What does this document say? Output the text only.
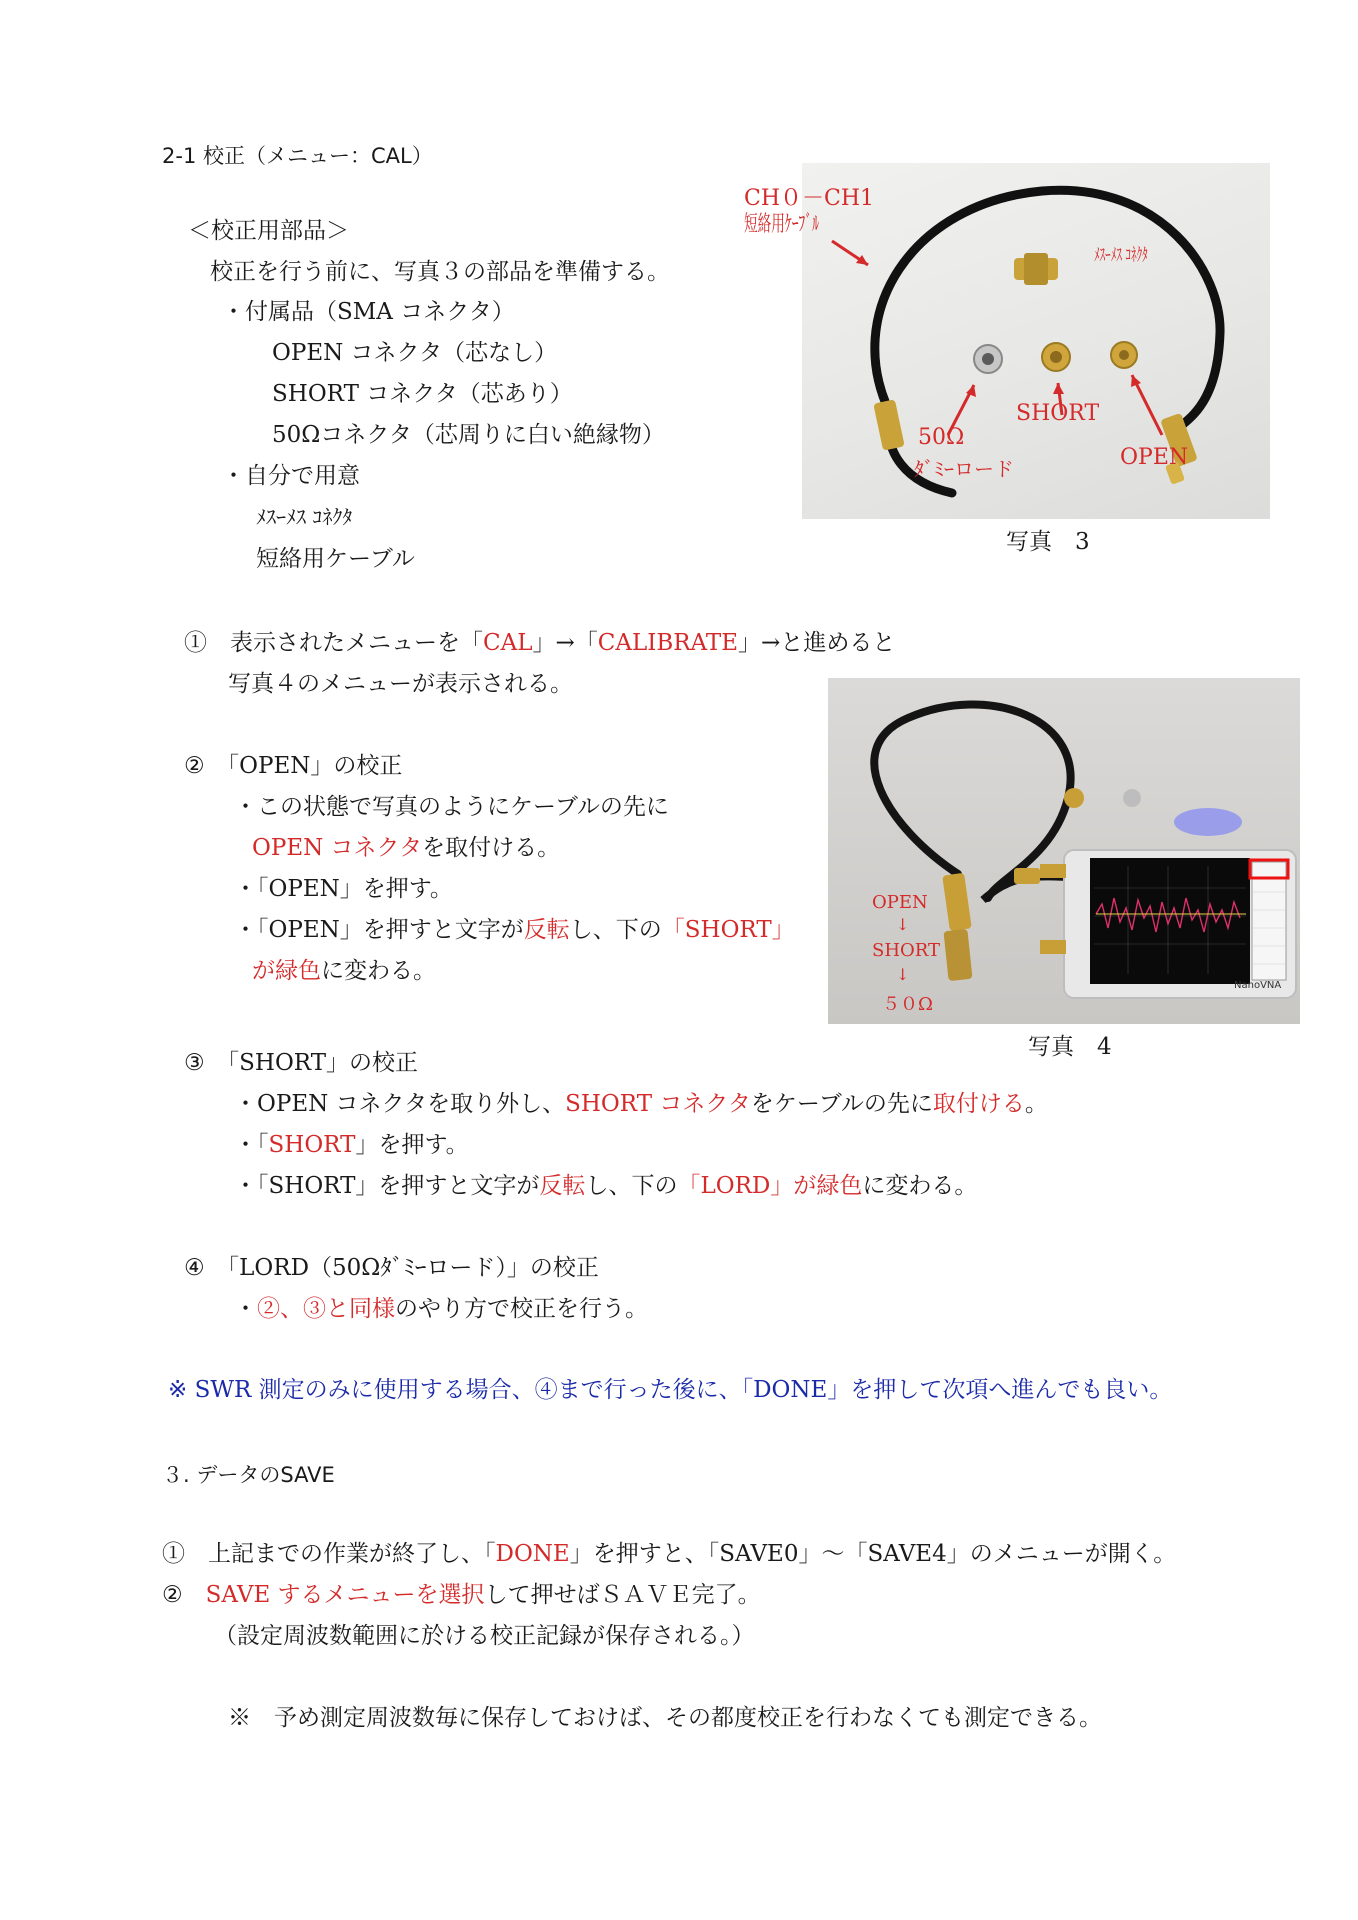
2-1 校正（メニュー：CAL）
＜校正用部品＞
校正を行う前に、写真３の部品を準備する。
・付属品（SMA コネクタ）
OPEN コネクタ（芯なし）
SHORT コネクタ（芯あり）
50Ωコネクタ（芯周りに白い絶縁物）
・自分で用意
ﾒｽｰﾒｽ ｺﾈｸﾀ
短絡用ケーブル
CH０－CH1
短絡用ｹｰﾌﾞﾙ
ﾒｽｰﾒｽ ｺﾈｸﾀ
SHORT
50Ω
ﾀﾞﾐｰロード	OPEN
写真　3
①　 表示されたメニューを「CAL」→「CALIBRATE」→と進めると
写真４のメニューが表示される。
②　 「OPEN」の校正
・この状態で写真のようにケーブルの先に
OPEN コネクタを取付ける。
・「OPEN」を押す。
・「OPEN」を押すと文字が反転し、下の「SHORT」
が緑色に変わる。
OPEN
↓
SHORT
↓
５０Ω
NanoVNA
写真　4
③　 「SHORT」の校正
・OPEN コネクタを取り外し、SHORT コネクタをケーブルの先に取付ける。
・「SHORT」を押す。
・「SHORT」を押すと文字が反転し、下の「LORD」が緑色に変わる。
④　 「LORD（50Ωﾀﾞﾐｰロード）」の校正
・②、③と同様のやり方で校正を行う。
※ SWR 測定のみに使用する場合、④まで行った後に、「DONE」を押して次項へ進んでも良い。
３. データのSAVE
①　 上記までの作業が終了し、「DONE」を押すと、「SAVE0」～「SAVE4」のメニューが開く。
②　 SAVE するメニューを選択して押せばＳＡＶＥ完了。
（設定周波数範囲に於ける校正記録が保存される。）
※　予め測定周波数毎に保存しておけば、その都度校正を行わなくても測定できる。
